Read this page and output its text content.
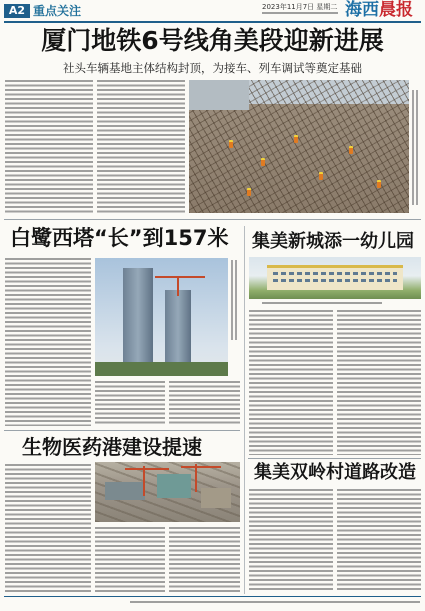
A2 重点关注	2023年11月7日 星期二 海西晨报
厦门地铁6号线角美段迎新进展
社头车辆基地主体结构封顶，为接车、列车调试等奠定基础
白鹭西塔“长”到157米 集美新城添一幼儿园
生物医药港建设提速
集美双岭村道路改造
